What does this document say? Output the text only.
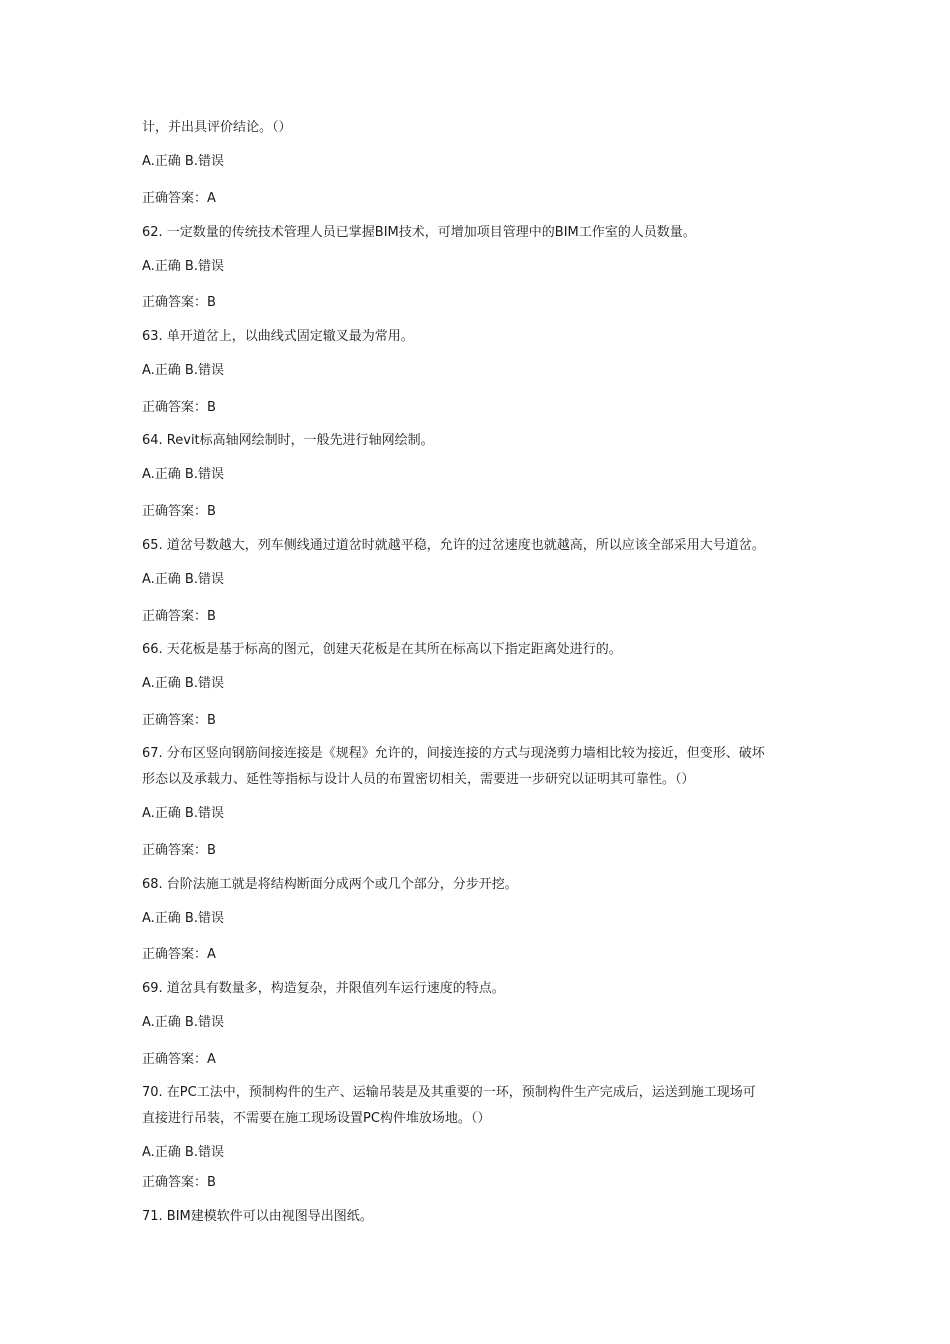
计，并出具评价结论。（）
A.正确 B.错误
正确答案：A
62. 一定数量的传统技术管理人员已掌握BIM技术，可增加项目管理中的BIM工作室的人员数量。
A.正确 B.错误
正确答案：B
63. 单开道岔上，以曲线式固定辙叉最为常用。
A.正确 B.错误
正确答案：B
64. Revit标高轴网绘制时，一般先进行轴网绘制。
A.正确 B.错误
正确答案：B
65. 道岔号数越大，列车侧线通过道岔时就越平稳，允许的过岔速度也就越高，所以应该全部采用大号道岔。
A.正确 B.错误
正确答案：B
66. 天花板是基于标高的图元，创建天花板是在其所在标高以下指定距离处进行的。
A.正确 B.错误
正确答案：B
67. 分布区竖向钢筋间接连接是《规程》允许的，间接连接的方式与现浇剪力墙相比较为接近，但变形、破坏
形态以及承载力、延性等指标与设计人员的布置密切相关，需要进一步研究以证明其可靠性。（）
A.正确 B.错误
正确答案：B
68. 台阶法施工就是将结构断面分成两个或几个部分，分步开挖。
A.正确 B.错误
正确答案：A
69. 道岔具有数量多，构造复杂，并限值列车运行速度的特点。
A.正确 B.错误
正确答案：A
70. 在PC工法中，预制构件的生产、运输吊装是及其重要的一环，预制构件生产完成后，运送到施工现场可
直接进行吊装，不需要在施工现场设置PC构件堆放场地。（）
A.正确 B.错误
正确答案：B
71. BIM建模软件可以由视图导出图纸。
